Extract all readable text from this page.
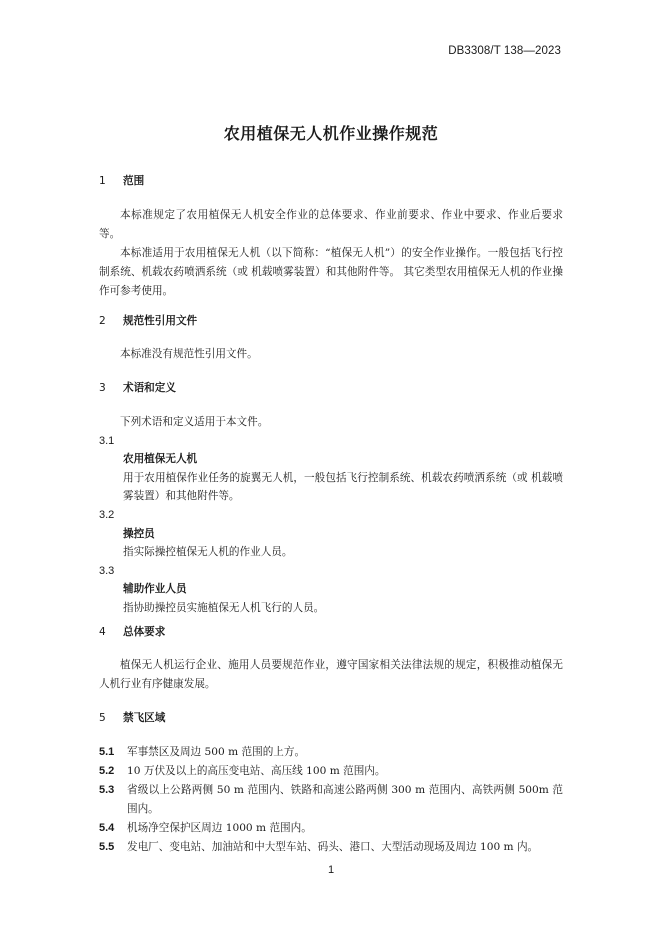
DB3308/T 138—2023
农用植保无人机作业操作规范
1 范围
本标准规定了农用植保无人机安全作业的总体要求、作业前要求、作业中要求、作业后要求等。
本标准适用于农用植保无人机（以下简称：“植保无人机”）的安全作业操作。一般包括飞行控制系统、机载农药喷洒系统（或 机载喷雾装置）和其他附件等。 其它类型农用植保无人机的作业操作可参考使用。
2 规范性引用文件
本标准没有规范性引用文件。
3 术语和定义
下列术语和定义适用于本文件。
3.1
农用植保无人机
用于农用植保作业任务的旋翼无人机，一般包括飞行控制系统、机载农药喷洒系统（或 机载喷雾装置）和其他附件等。
3.2
操控员
指实际操控植保无人机的作业人员。
3.3
辅助作业人员
指协助操控员实施植保无人机飞行的人员。
4 总体要求
植保无人机运行企业、施用人员要规范作业，遵守国家相关法律法规的规定，积极推动植保无人机行业有序健康发展。
5 禁飞区域
5.1	军事禁区及周边 500 m 范围的上方。
5.2	10 万伏及以上的高压变电站、高压线 100 m 范围内。
5.3	省级以上公路两侧 50 m 范围内、铁路和高速公路两侧 300 m 范围内、高铁两侧 500m 范围内。
5.4	机场净空保护区周边 1000 m 范围内。
5.5	发电厂、变电站、加油站和中大型车站、码头、港口、大型活动现场及周边 100 m 内。
1
